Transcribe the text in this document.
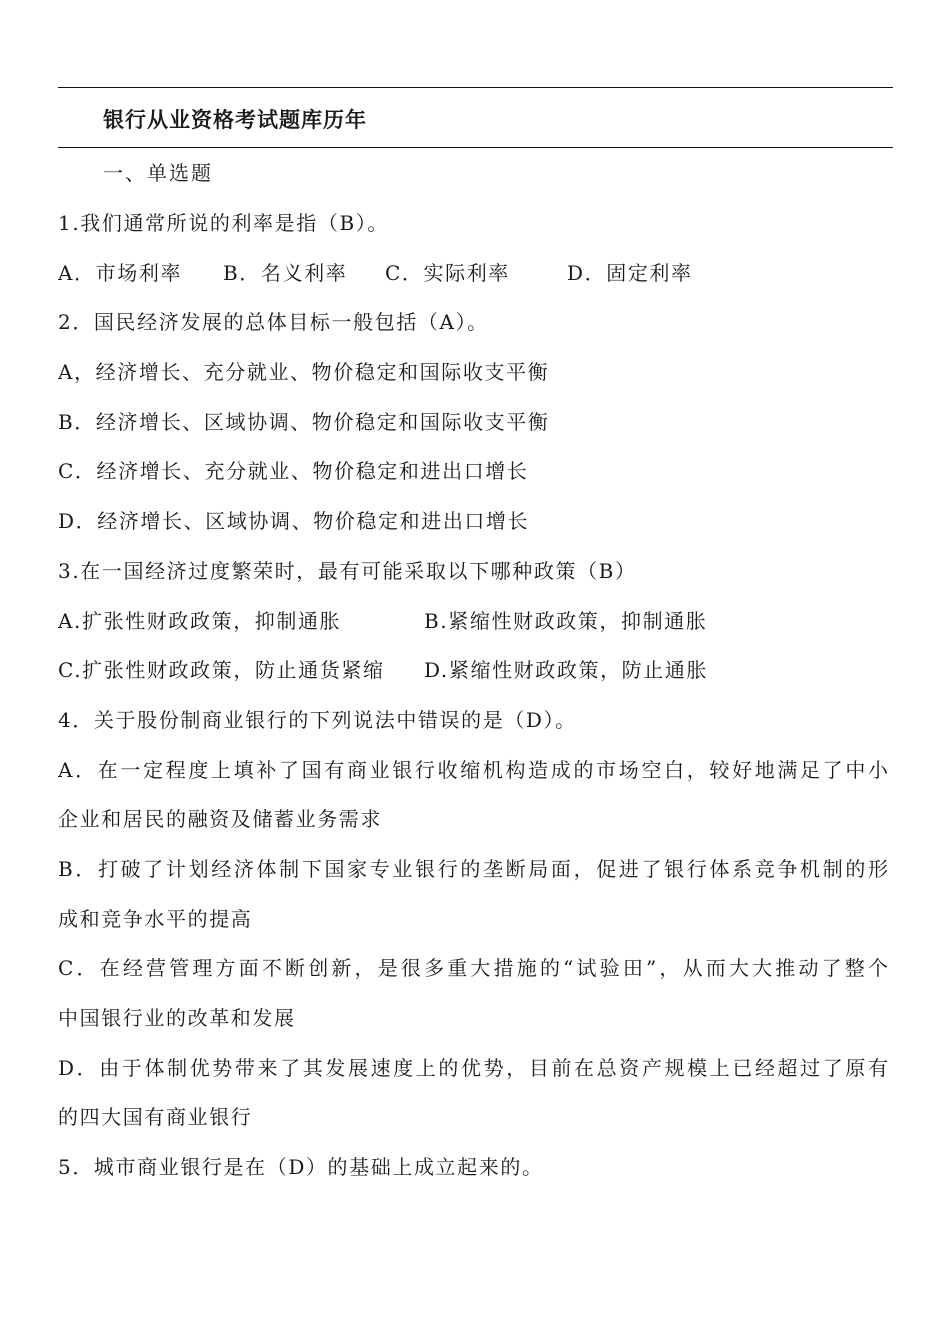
银行从业资格考试题库历年
一、单选题
1.我们通常所说的利率是指（B）。
A．市场利率 B．名义利率 C．实际利率	D．固定利率
2．国民经济发展的总体目标一般包括（A）。
A，经济增长、充分就业、物价稳定和国际收支平衡
B．经济增长、区域协调、物价稳定和国际收支平衡
C．经济增长、充分就业、物价稳定和进出口增长
D．经济增长、区域协调、物价稳定和进出口增长
3.在一国经济过度繁荣时，最有可能采取以下哪种政策（B）
A.扩张性财政政策，抑制通胀	B.紧缩性财政政策，抑制通胀
C.扩张性财政政策，防止通货紧缩 D.紧缩性财政政策，防止通胀
4．关于股份制商业银行的下列说法中错误的是（D）。
A．在一定程度上填补了国有商业银行收缩机构造成的市场空白，较好地满足了中小
企业和居民的融资及储蓄业务需求
B．打破了计划经济体制下国家专业银行的垄断局面，促进了银行体系竞争机制的形
成和竞争水平的提高
C．在经营管理方面不断创新，是很多重大措施的“试验田”，从而大大推动了整个
中国银行业的改革和发展
D．由于体制优势带来了其发展速度上的优势，目前在总资产规模上已经超过了原有
的四大国有商业银行
5．城市商业银行是在（D）的基础上成立起来的。
